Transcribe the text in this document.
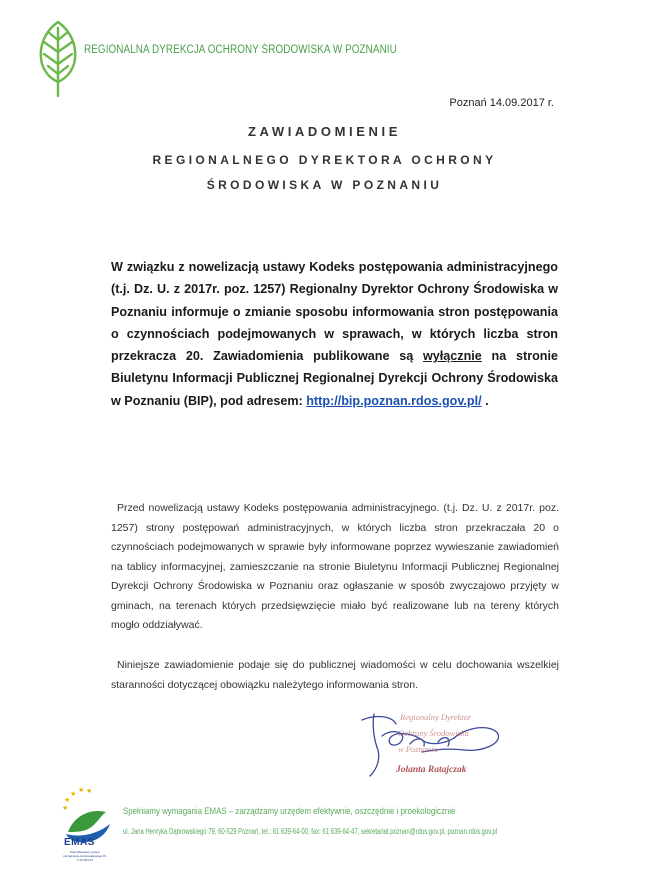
REGIONALNA DYREKCJA OCHRONY ŚRODOWISKA W POZNANIU
Poznań 14.09.2017 r.
ZAWIADOMIENIE
REGIONALNEGO DYREKTORA OCHRONY
ŚRODOWISKA W POZNANIU
W związku z nowelizacją ustawy Kodeks postępowania administracyjnego (t.j. Dz. U. z 2017r. poz. 1257) Regionalny Dyrektor Ochrony Środowiska w Poznaniu informuje o zmianie sposobu informowania stron postępowania o czynnościach podejmowanych w sprawach, w których liczba stron przekracza 20. Zawiadomienia publikowane są wyłącznie na stronie Biuletynu Informacji Publicznej Regionalnej Dyrekcji Ochrony Środowiska w Poznaniu (BIP), pod adresem: http://bip.poznan.rdos.gov.pl/ .
Przed nowelizacją ustawy Kodeks postępowania administracyjnego. (t.j. Dz. U. z 2017r. poz. 1257) strony postępowań administracyjnych, w których liczba stron przekraczała 20 o czynnościach podejmowanych w sprawie były informowane poprzez wywieszanie zawiadomień na tablicy informacyjnej, zamieszczanie na stronie Biuletynu Informacji Publicznej Regionalnej Dyrekcji Ochrony Środowiska w Poznaniu oraz ogłaszanie w sposób zwyczajowo przyjęty w gminach, na terenach których przedsięwzięcie miało być realizowane lub na tereny których mogło oddziaływać.
Niniejsze zawiadomienie podaje się do publicznej wiadomości w celu dochowania wszelkiej staranności dotyczącej obowiązku należytego informowania stron.
Regionalny Dyrektor
Ochrony Środowiska
w Poznaniu
Jolanta Ratajczak
★ ★ ★
★
★
EMAS
Zweryfikowany system zarządzania środowiskowego PL 2.16-003-97
Spełniamy wymagania EMAS – zarządzamy urzędem efektywnie, oszczędnie i proekologicznie
ul. Jana Henryka Dąbrowskiego 79, 60-529 Poznań, tel.: 61 639-64-00, fax: 61 639-64-47, sekretariat.poznan@rdos.gov.pl, poznan.rdos.gov.pl
